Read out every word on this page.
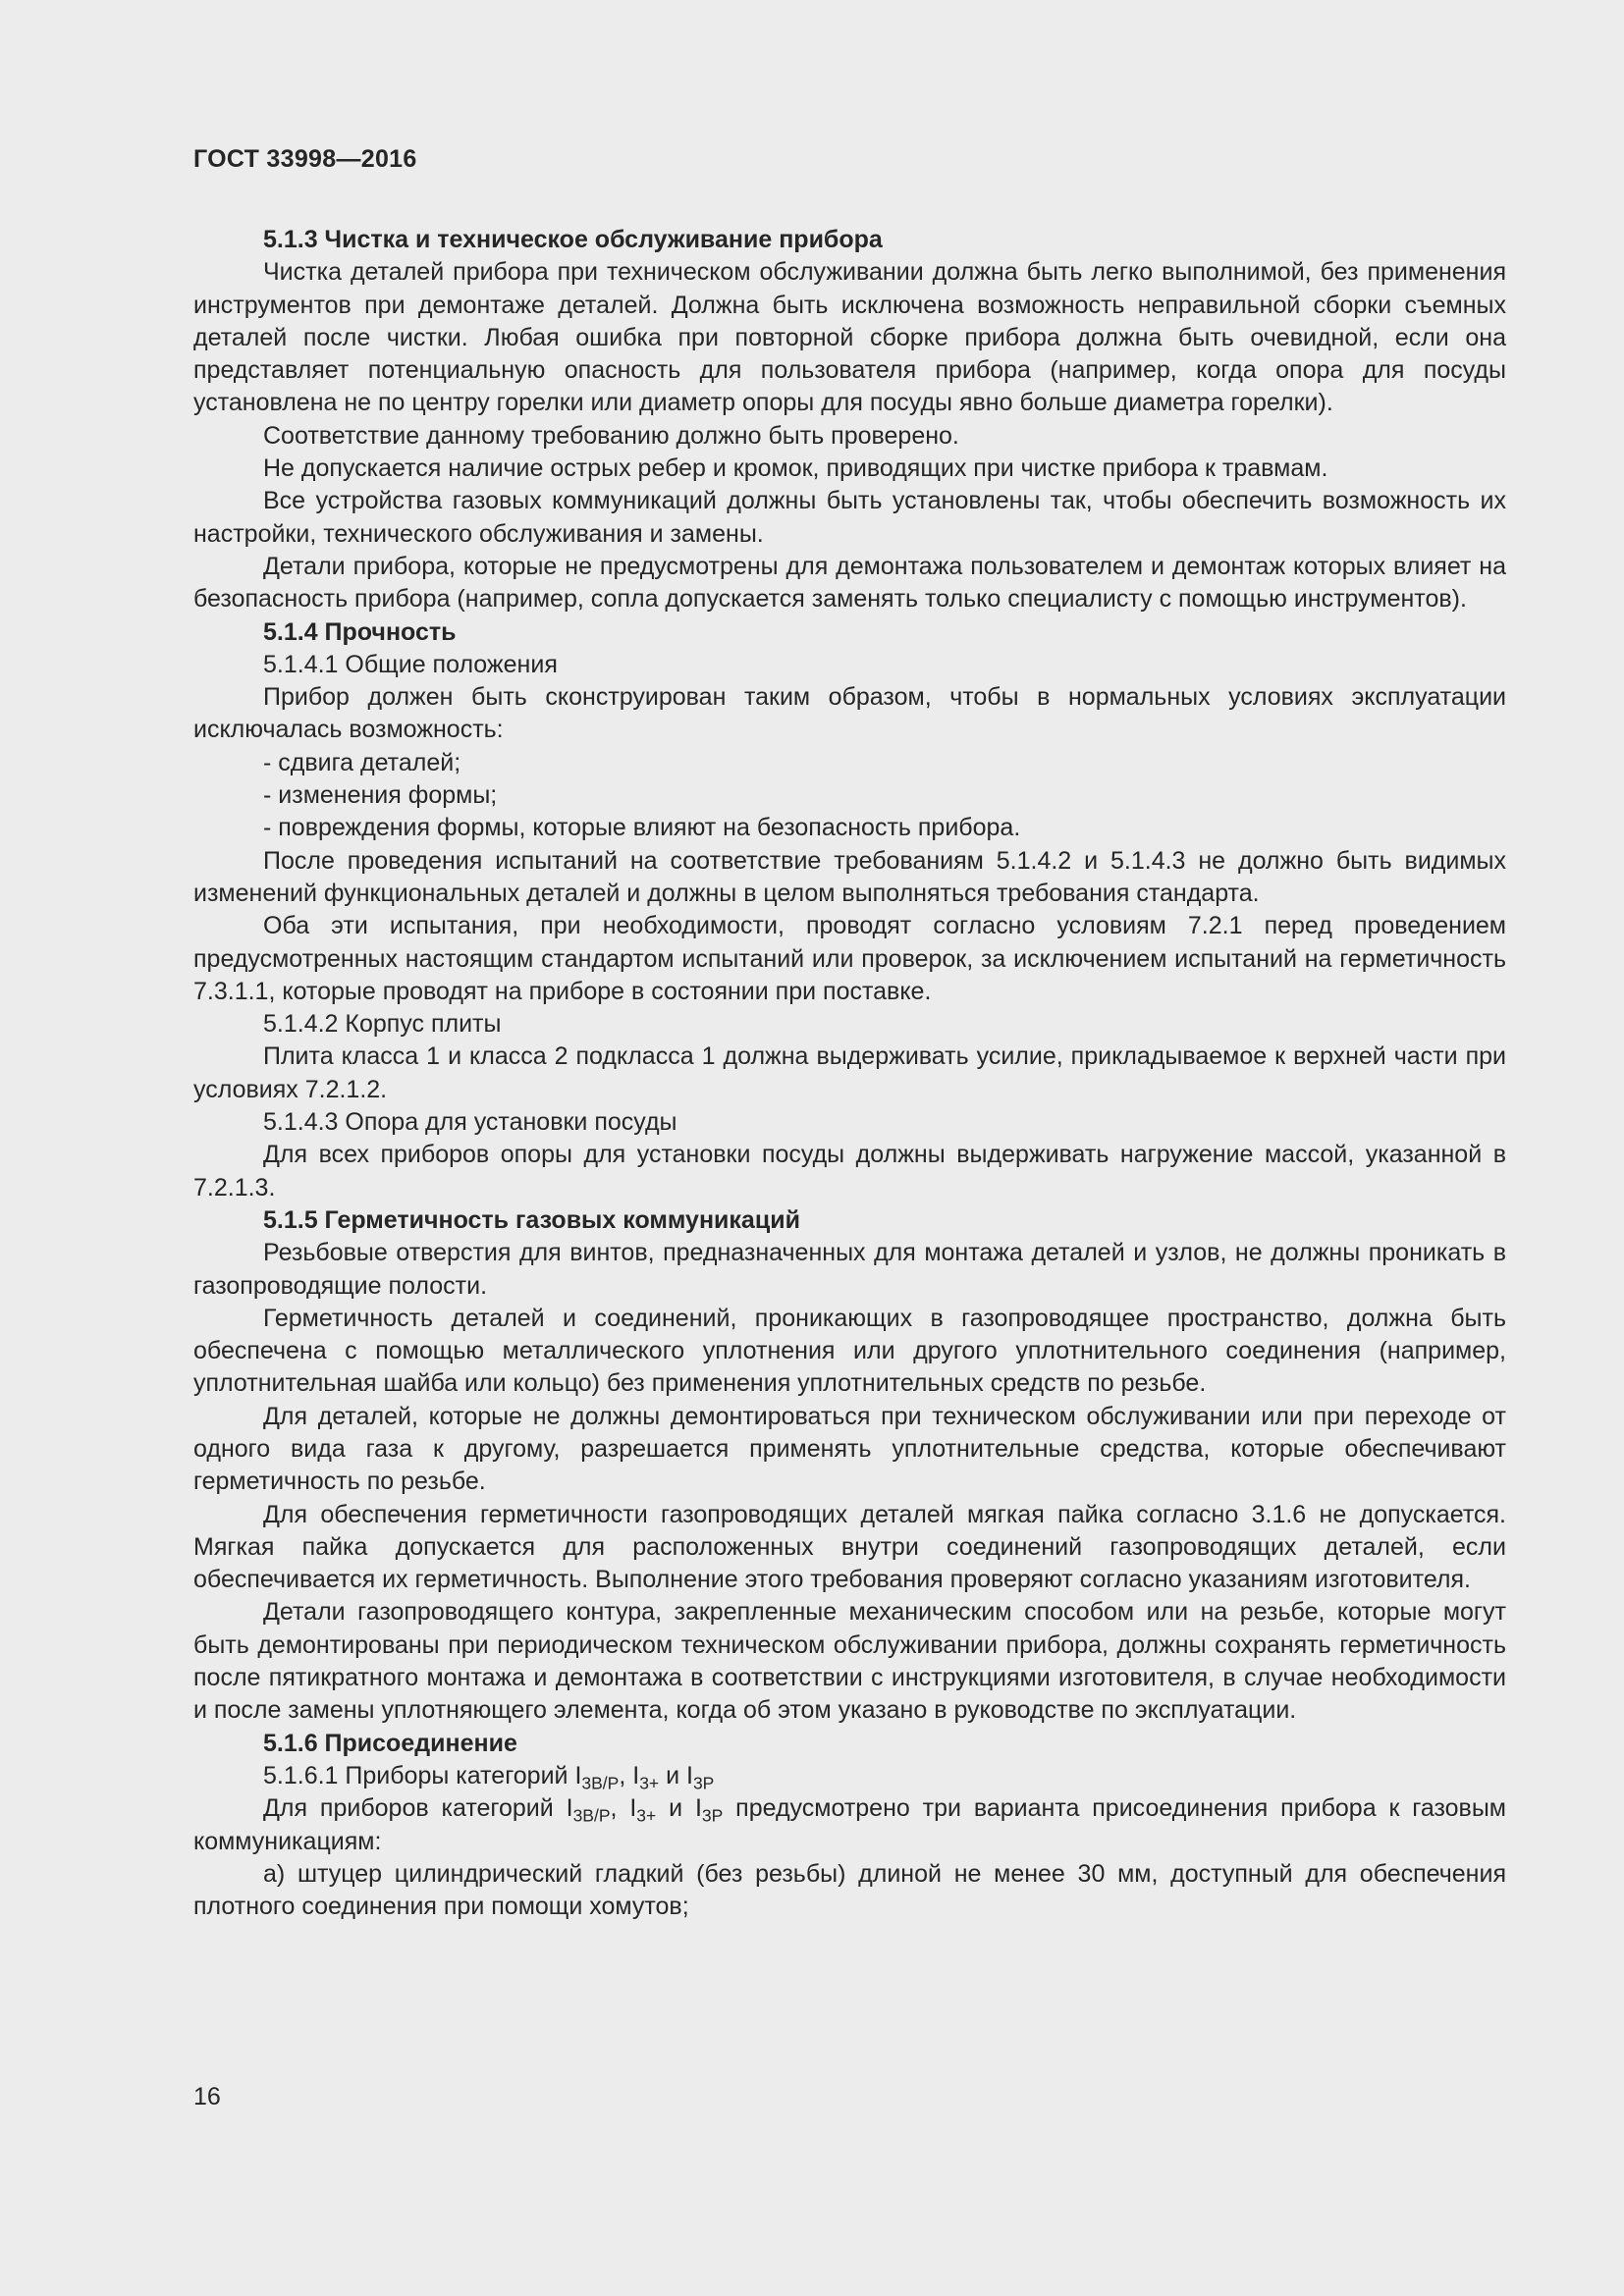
ГОСТ 33998—2016

5.1.3 Чистка и техническое обслуживание прибора

Чистка деталей прибора при техническом обслуживании должна быть легко выполнимой, без применения инструментов при демонтаже деталей. Должна быть исключена возможность неправильной сборки съемных деталей после чистки. Любая ошибка при повторной сборке прибора должна быть очевидной, если она представляет потенциальную опасность для пользователя прибора (например, когда опора для посуды установлена не по центру горелки или диаметр опоры для посуды явно больше диаметра горелки).

Соответствие данному требованию должно быть проверено.

Не допускается наличие острых ребер и кромок, приводящих при чистке прибора к травмам.

Все устройства газовых коммуникаций должны быть установлены так, чтобы обеспечить возможность их настройки, технического обслуживания и замены.

Детали прибора, которые не предусмотрены для демонтажа пользователем и демонтаж которых влияет на безопасность прибора (например, сопла допускается заменять только специалисту с помощью инструментов).

5.1.4 Прочность

5.1.4.1 Общие положения

Прибор должен быть сконструирован таким образом, чтобы в нормальных условиях эксплуатации исключалась возможность:

- сдвига деталей;

- изменения формы;

- повреждения формы, которые влияют на безопасность прибора.

После проведения испытаний на соответствие требованиям 5.1.4.2 и 5.1.4.3 не должно быть видимых изменений функциональных деталей и должны в целом выполняться требования стандарта.

Оба эти испытания, при необходимости, проводят согласно условиям 7.2.1 перед проведением предусмотренных настоящим стандартом испытаний или проверок, за исключением испытаний на герметичность 7.3.1.1, которые проводят на приборе в состоянии при поставке.

5.1.4.2 Корпус плиты

Плита класса 1 и класса 2 подкласса 1 должна выдерживать усилие, прикладываемое к верхней части при условиях 7.2.1.2.

5.1.4.3 Опора для установки посуды

Для всех приборов опоры для установки посуды должны выдерживать нагружение массой, указанной в 7.2.1.3.

5.1.5 Герметичность газовых коммуникаций

Резьбовые отверстия для винтов, предназначенных для монтажа деталей и узлов, не должны проникать в газопроводящие полости.

Герметичность деталей и соединений, проникающих в газопроводящее пространство, должна быть обеспечена с помощью металлического уплотнения или другого уплотнительного соединения (например, уплотнительная шайба или кольцо) без применения уплотнительных средств по резьбе.

Для деталей, которые не должны демонтироваться при техническом обслуживании или при переходе от одного вида газа к другому, разрешается применять уплотнительные средства, которые обеспечивают герметичность по резьбе.

Для обеспечения герметичности газопроводящих деталей мягкая пайка согласно 3.1.6 не допускается. Мягкая пайка допускается для расположенных внутри соединений газопроводящих деталей, если обеспечивается их герметичность. Выполнение этого требования проверяют согласно указаниям изготовителя.

Детали газопроводящего контура, закрепленные механическим способом или на резьбе, которые могут быть демонтированы при периодическом техническом обслуживании прибора, должны сохранять герметичность после пятикратного монтажа и демонтажа в соответствии с инструкциями изготовителя, в случае необходимости и после замены уплотняющего элемента, когда об этом указано в руководстве по эксплуатации.

5.1.6 Присоединение

5.1.6.1 Приборы категорий $I_{3B/P}$, $I_{3+}$ и $I_{3P}$

Для приборов категорий $I_{3B/P}$, $I_{3+}$ и $I_{3P}$ предусмотрено три варианта присоединения прибора к газовым коммуникациям:

а) штуцер цилиндрический гладкий (без резьбы) длиной не менее 30 мм, доступный для обеспечения плотного соединения при помощи хомутов;

16
